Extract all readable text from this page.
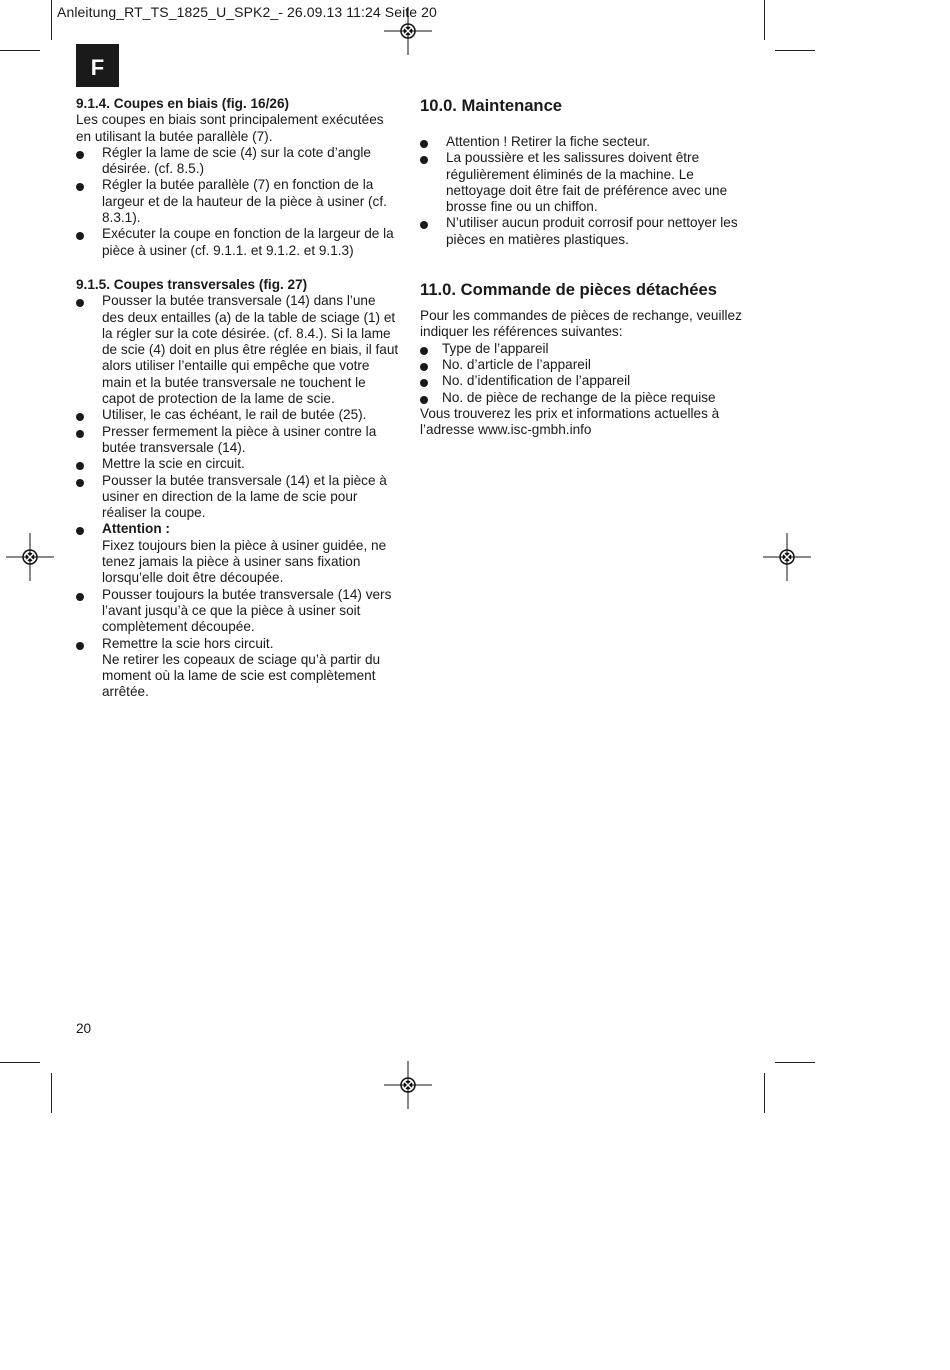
Anleitung_RT_TS_1825_U_SPK2_- 26.09.13 11:24 Seite 20
F

9.1.4. Coupes en biais (fig. 16/26)

Les coupes en biais sont principalement exécutées en utilisant la butée parallèle (7).

Régler la lame de scie (4) sur la cote d’angle désirée. (cf. 8.5.)
Régler la butée parallèle (7) en fonction de la largeur et de la hauteur de la pièce à usiner (cf. 8.3.1).
Exécuter la coupe en fonction de la largeur de la pièce à usiner (cf. 9.1.1. et 9.1.2. et 9.1.3)

9.1.5. Coupes transversales (fig. 27)

Pousser la butée transversale (14) dans l’une des deux entailles (a) de la table de sciage (1) et la régler sur la cote désirée. (cf. 8.4.). Si la lame de scie (4) doit en plus être réglée en biais, il faut alors utiliser l’entaille qui empêche que votre main et la butée transversale ne touchent le capot de protection de la lame de scie.
Utiliser, le cas échéant, le rail de butée (25).
Presser fermement la pièce à usiner contre la butée transversale (14).
Mettre la scie en circuit.
Pousser la butée transversale (14) et la pièce à usiner en direction de la lame de scie pour réaliser la coupe.
Attention :
Fixez toujours bien la pièce à usiner guidée, ne tenez jamais la pièce à usiner sans fixation lorsqu’elle doit être découpée.
Pousser toujours la butée transversale (14) vers l’avant jusqu’à ce que la pièce à usiner soit complètement découpée.
Remettre la scie hors circuit.
Ne retirer les copeaux de sciage qu’à partir du moment où la lame de scie est complètement arrêtée.

10.0. Maintenance

Attention ! Retirer la fiche secteur.
La poussière et les salissures doivent être régulièrement éliminés de la machine. Le nettoyage doit être fait de préférence avec une brosse fine ou un chiffon.
N’utiliser aucun produit corrosif pour nettoyer les pièces en matières plastiques.

11.0. Commande de pièces détachées

Pour les commandes de pièces de rechange, veuillez indiquer les références suivantes:

Type de l’appareil
No. d’article de l’appareil
No. d’identification de l’appareil
No. de pièce de rechange de la pièce requise

Vous trouverez les prix et informations actuelles à l’adresse www.isc-gmbh.info

20
